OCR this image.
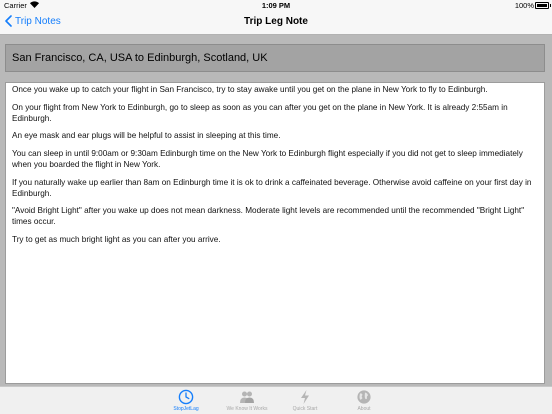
Carrier	1:09 PM	100%
Trip Notes	Trip Leg Note
San Francisco, CA, USA to Edinburgh, Scotland, UK

Once you wake up to catch your flight in San Francisco, try to stay awake until you get on the plane in New York to fly to Edinburgh.

On your flight from New York to Edinburgh, go to sleep as soon as you can after you get on the plane in New York. It is already 2:55am in Edinburgh.

An eye mask and ear plugs will be helpful to assist in sleeping at this time.

You can sleep in until 9:00am or 9:30am Edinburgh time on the New York to Edinburgh flight especially if you did not get to sleep immediately when you boarded the flight in New York.

If you naturally wake up earlier than 8am on Edinburgh time it is ok to drink a caffeinated beverage. Otherwise avoid caffeine on your first day in Edinburgh.

"Avoid Bright Light" after you wake up does not mean darkness. Moderate light levels are recommended until the recommended "Bright Light" times occur.

Try to get as much bright light as you can after you arrive.

StopJetLag	We Know It Works	Quick Start	About
